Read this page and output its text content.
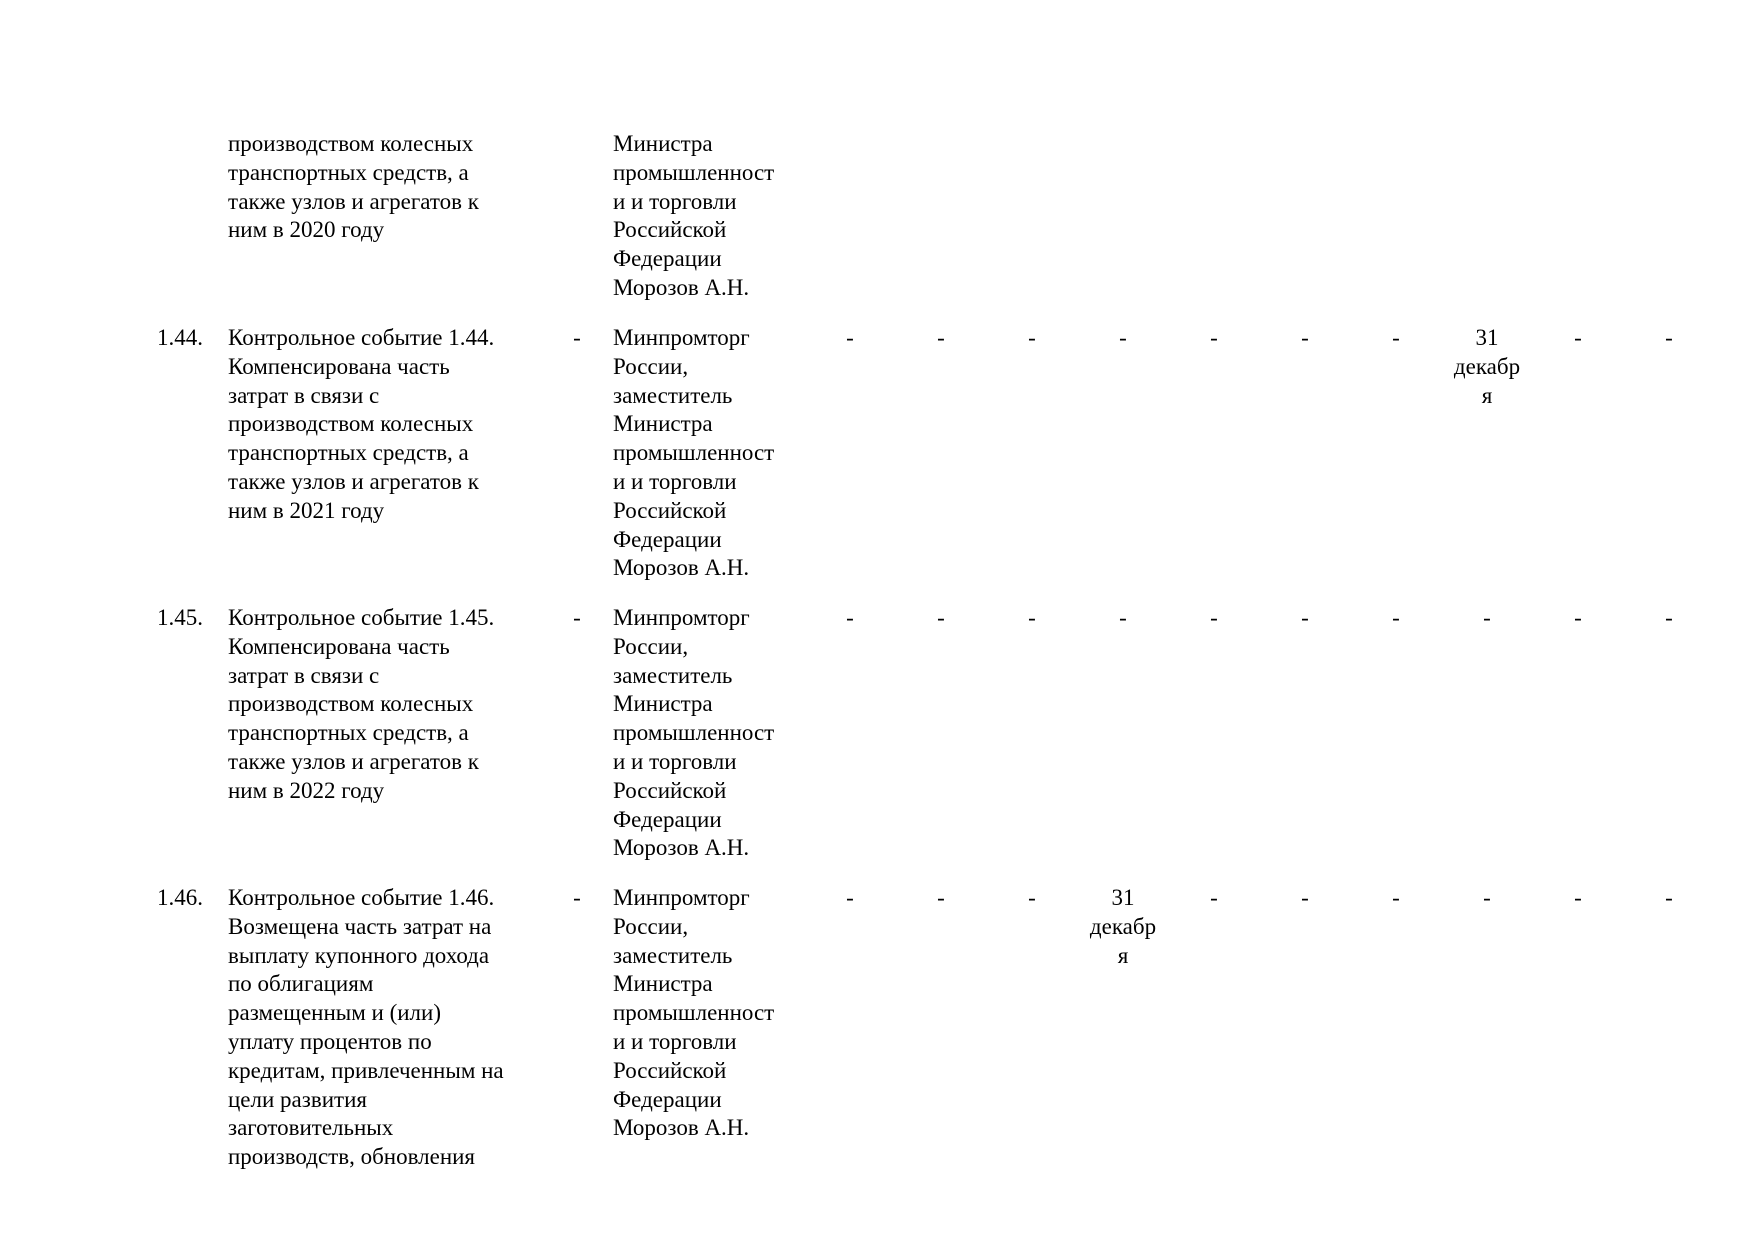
производством колесных
транспортных средств, а
также узлов и агрегатов к
ним в 2020 году
Министра
промышленност
и и торговли
Российской
Федерации
Морозов А.Н.
1.44.	Контрольное событие 1.44.
Компенсирована часть
затрат в связи с
производством колесных
транспортных средств, а
также узлов и агрегатов к
ним в 2021 году
-	Минпромторг
России,
заместитель
Министра
промышленност
и и торговли
Российской
Федерации
Морозов А.Н.
-	-	-	-	-	-	-	31
декабр
я
-	-
1.45.	Контрольное событие 1.45.
Компенсирована часть
затрат в связи с
производством колесных
транспортных средств, а
также узлов и агрегатов к
ним в 2022 году
-	Минпромторг
России,
заместитель
Министра
промышленност
и и торговли
Российской
Федерации
Морозов А.Н.
-	-	-	-	-	-	-	-	-	-
1.46.	Контрольное событие 1.46.
Возмещена часть затрат на
выплату купонного дохода
по облигациям
размещенным и (или)
уплату процентов по
кредитам, привлеченным на
цели развития
заготовительных
производств, обновления
-	Минпромторг
России,
заместитель
Министра
промышленност
и и торговли
Российской
Федерации
Морозов А.Н.
-	-	-	31
декабр
я
-	-	-	-	-	-
